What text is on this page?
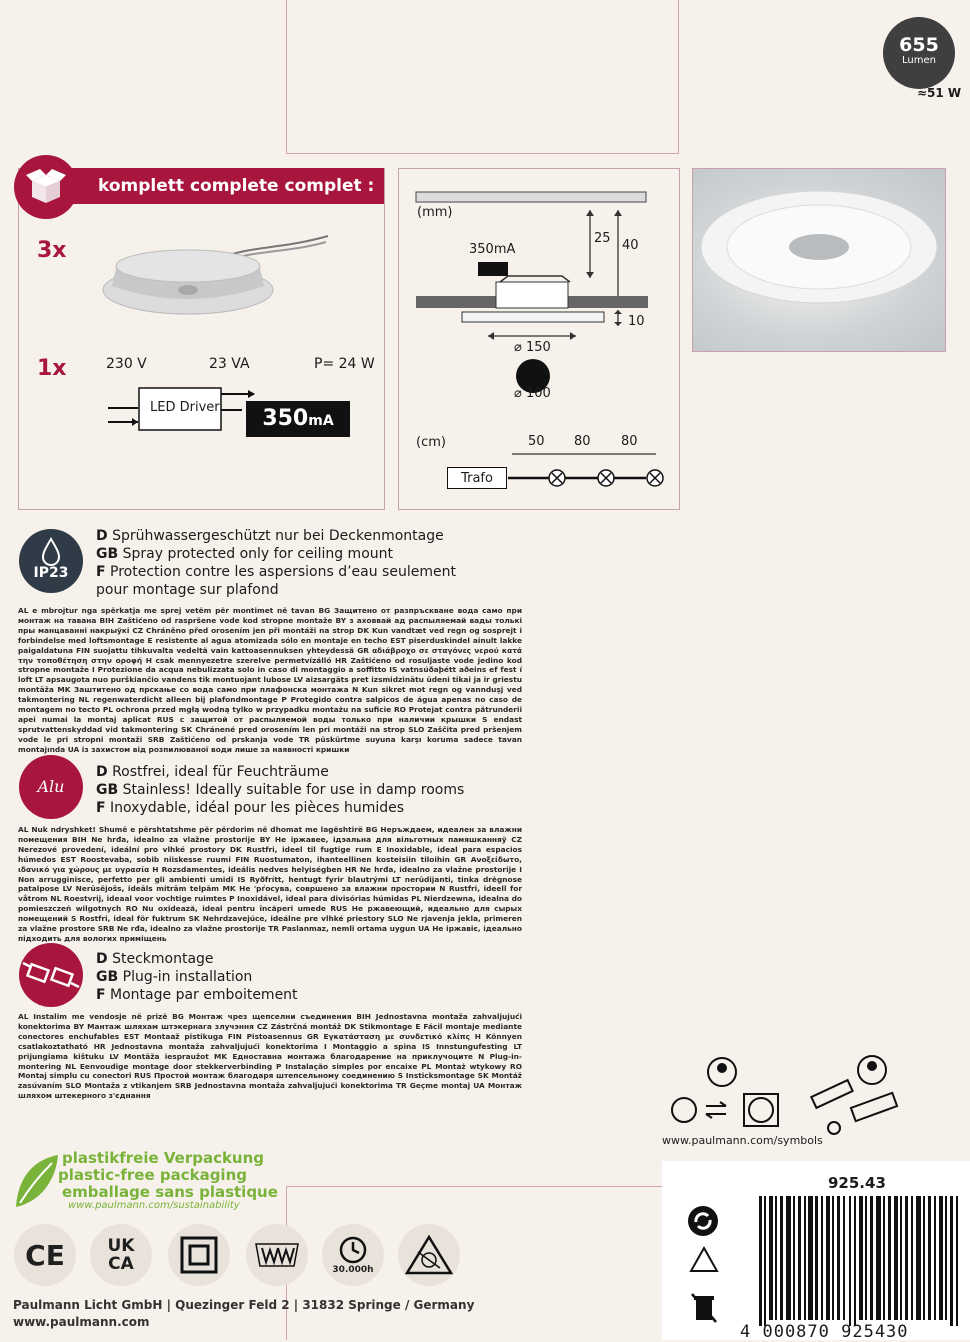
655
Lumen
≈51 W
komplett complete complet :
3x
1x	230 V	23 VA	P= 24 W
LED Driver	350mA
(mm)
350mA
25 40
10
⌀ 150
⌀ 100
(cm)	50 80 80
Trafo
IP23
D Sprühwassergeschützt nur bei Deckenmontage
GB Spray protected only for ceiling mount
F Protection contre les aspersions d’eau seulement
pour montage sur plafond
AL e mbrojtur nga spërkatja me sprej vetëm për montimet në tavan BG Защитено от разпръскване вода само при монтаж на тавана BIH Zaštićeno od raspršene vode kod stropne montaže BY з аховвай ад распыляемай вады толькі пры манцаванні накрыўкі CZ Chráněno před orosením jen při montáži na strop DK Kun vandtæt ved regn og sosprejt i forbindelse med loftsmontage E resistente al agua atomizada sólo en montaje en techo EST piserduskindel ainult lakke paigaldatuna FIN suojattu tihkuvalta vedeltä vain kattoasennuksen yhteydessä GR αδιάβροχο σε σταγόνες νερού κατά την τοποθέτηση στην οροφή H csak mennyezetre szerelve permetvízálló HR Zaštićeno od rosuljaste vode jedino kod stropne montaže I Protezione da acqua nebulizzata solo in caso di montaggio a soffitto IS vatnsúðaþétt aðeins ef fest í loft LT apsaugota nuo purškiančio vandens tik montuojant lubose LV aizsargāts pret izsmidzinātu ūdeni tikai ja ir griestu montāža MK Заштитено од прскање со вода само при плафонска монтажа N Kun sikret mot regn og vannduşj ved takmontering NL regenwaterdicht alleen bij plafondmontage P Protegido contra salpicos de água apenas no caso de montagem no tecto PL ochrona przed mgłą wodną tylko w przypadku montażu na suficie RO Protejat contra pătrunderii apei numai la montaj aplicat RUS с защитой от распыляемой воды только при наличии крышки S endast sprutvattenskyddad vid takmontering SK Chránené pred orosením len pri montáži na strop SLO Zaščita pred pršenjem vode le pri stropni montaži SRB Zaštićeno od prskanja vode TR püskürtme suyuna karşı koruma sadece tavan montajında UA із захистом від розпилюваної води лише за наявності кришки
Alu
D Rostfrei, ideal für Feuchträume
GB Stainless! Ideally suitable for use in damp rooms
F Inoxydable, idéal pour les pièces humides
AL Nuk ndryshket! Shumë e përshtatshme për përdorim në dhomat me lagështirë BG Неръждаем, идеален за влажни помещения BIH Ne hrđa, idealno za vlažne prostorije BY Не іржавее, ідэальна для вільготных памяшканняў CZ Nerezové provedení, ideální pro vlhké prostory DK Rustfri, ideel til fugtige rum E Inoxidable, ideal para espacios húmedos EST Roostevaba, sobib niiskesse ruumi FIN Ruostumaton, ihanteellinen kosteisiin tiloihin GR Ανοξείδωτο, ιδανικό για χώρους με υγρασία H Rozsdamentes, ideális nedves helyiségben HR Ne hrđa, idealno za vlažne prostorije I Non arrugginisce, perfetto per gli ambienti umidi IS Ryðfrítt, hentugt fyrir blautrými LT nerūdijanti, tinka drėgnose patalpose LV Nerūsējošs, ideāls mitrām telpām MK Не 'рѓосува, совршено за влажни простории N Rustfri, ideell for våtrom NL Roestvrij, ideaal voor vochtige ruimtes P Inoxidável, ideal para divisórias húmidas PL Nierdzewna, idealna do pomieszczeń wilgotnych RO Nu oxidează, ideal pentru încăperi umede RUS Не ржавеющий, идеально для сырых помещений S Rostfri, ideal för fuktrum SK Nehrdzavejúce, ideálne pre vlhké priestory SLO Ne rjavenja jekla, primeren za vlažne prostore SRB Ne rđa, idealno za vlažne prostorije TR Paslanmaz, nemli ortama uygun UA Не іржавіє, ідеально підходить для вологих приміщень
D Steckmontage
GB Plug-in installation
F Montage par emboitement
AL Instalim me vendosje në prizë BG Монтаж чрез щепселни съединения BIH Jednostavna montaža zahvaljujući konektorima BY Мантаж шляхам штэкернага злучэння CZ Zástrčná montáž DK Stikmontage E Fácil montaje mediante conectores enchufables EST Montaaž pistikuga FIN Pistoasennus GR Εγκατάσταση με συνδετικό κλίπς H Könnyen csatlakoztatható HR Jednostavna montaža zahvaljujući konektorima I Montaggio a spina IS Innstungufesting LT prijungiama kištuku LV Montāža iespraužot MK Едноставна монтажа благодарение на приклучоците N Plug-in-montering NL Eenvoudige montage door stekkerverbinding P Instalação simples por encaixe PL Montaż wtykowy RO Montaj simplu cu conectori RUS Простой монтаж благодаря штепсельному соединению S Insticksmontage SK Montáž zasúvaním SLO Montaža z vtikanjem SRB Jednostavna montaža zahvaljujući konektorima TR Geçme montaj UA Монтаж шляхом штекерного з'єднання
www.paulmann.com/symbols
plastikfreie Verpackung
plastic-free packaging
emballage sans plastique
www.paulmann.com/sustainability
CE	UK CA	30.000h
Paulmann Licht GmbH | Quezinger Feld 2 | 31832 Springe / Germany
www.paulmann.com
925.43
4 000870 925430
